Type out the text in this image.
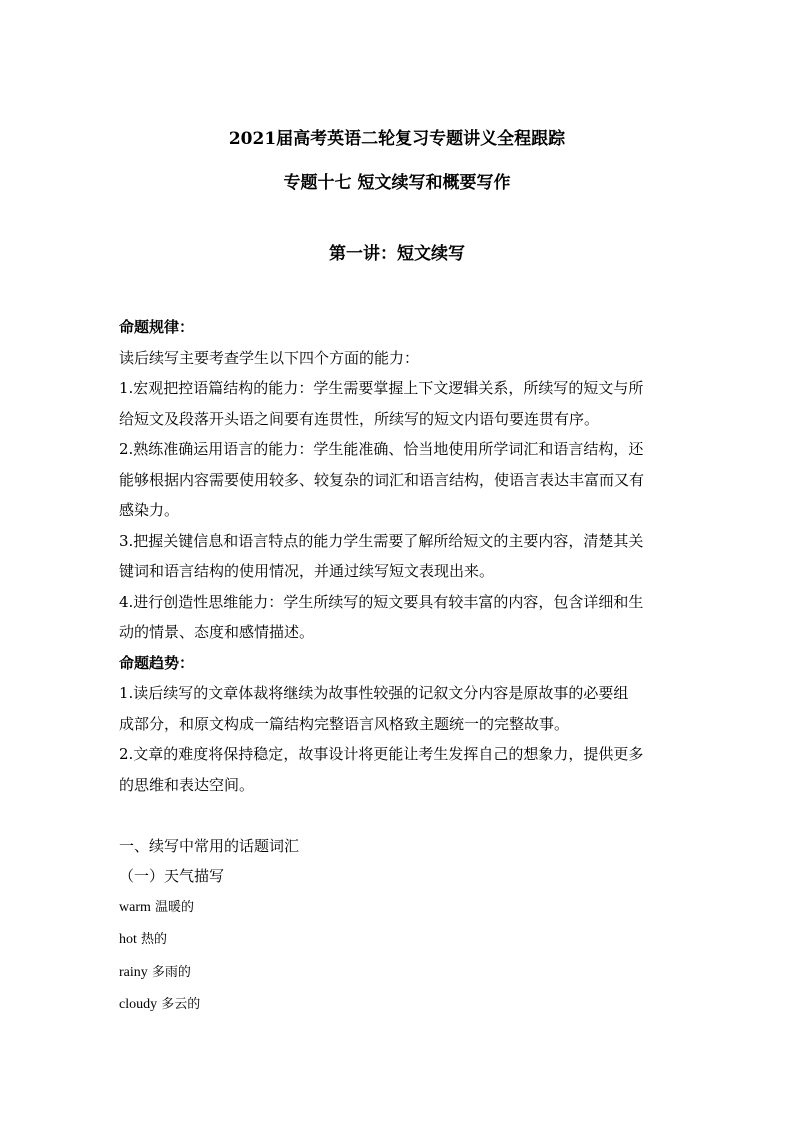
2021届高考英语二轮复习专题讲义全程跟踪
专题十七 短文续写和概要写作
第一讲：短文续写

命题规律：

读后续写主要考查学生以下四个方面的能力：

1.宏观把控语篇结构的能力：学生需要掌握上下文逻辑关系，所续写的短文与所

给短文及段落开头语之间要有连贯性，所续写的短文内语句要连贯有序。

2.熟练准确运用语言的能力：学生能准确、恰当地使用所学词汇和语言结构，还

能够根据内容需要使用较多、较复杂的词汇和语言结构，使语言表达丰富而又有

感染力。

3.把握关键信息和语言特点的能力学生需要了解所给短文的主要内容，清楚其关

键词和语言结构的使用情况，并通过续写短文表现出来。

4.进行创造性思维能力：学生所续写的短文要具有较丰富的内容，包含详细和生

动的情景、态度和感情描述。

命题趋势：

1.读后续写的文章体裁将继续为故事性较强的记叙文分内容是原故事的必要组

成部分，和原文构成一篇结构完整语言风格致主题统一的完整故事。

2.文章的难度将保持稳定，故事设计将更能让考生发挥自己的想象力，提供更多

的思维和表达空间。

一、续写中常用的话题词汇

（一）天气描写

warm 温暖的

hot 热的

rainy 多雨的

cloudy 多云的
